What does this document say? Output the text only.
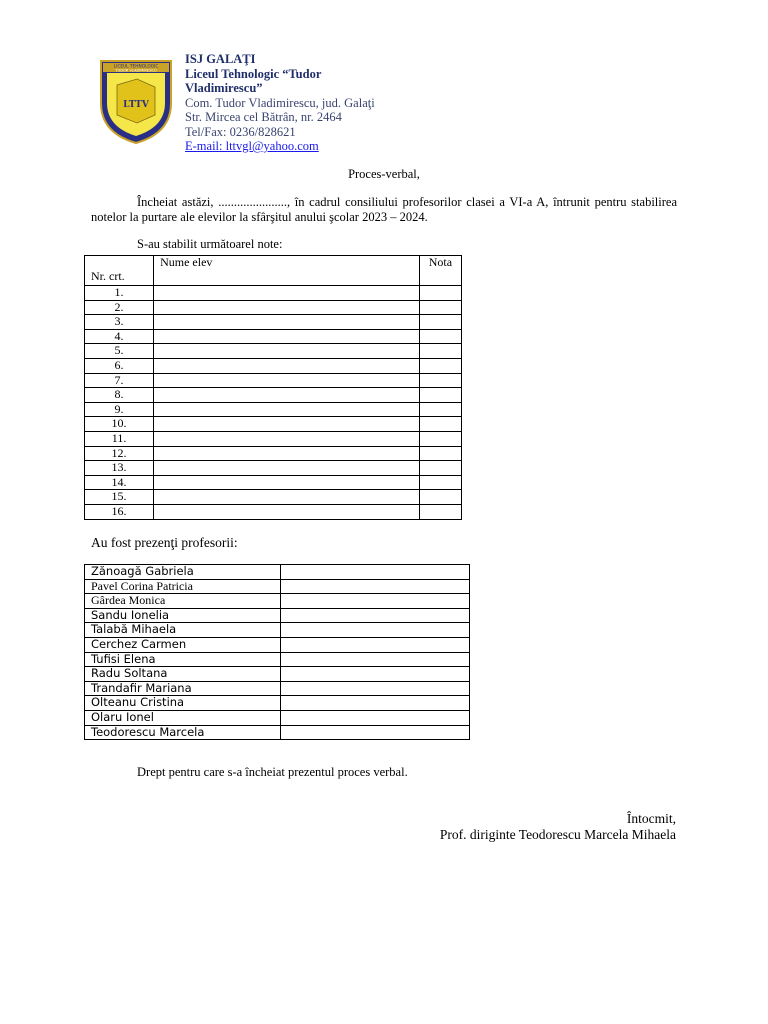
LICEUL TEHNOLOGIC
TUDOR VLADIMIRESCU
LTTV
ISJ GALAŢI
Liceul Tehnologic “Tudor
Vladimirescu”
Com. Tudor Vladimirescu, jud. Galaţi
Str. Mircea cel Bătrân, nr. 2464
Tel/Fax: 0236/828621
E-mail: lttvgl@yahoo.com
Proces-verbal,
Încheiat astăzi, ......................, în cadrul consiliului profesorilor clasei a VI-a A, întrunit pentru stabilirea notelor la purtare ale elevilor la sfârşitul anului şcolar 2023 – 2024.
S-au stabilit următoarel note:
Nr. crt.	Nume elev	Nota
1.		
2.		
3.		
4.		
5.		
6.		
7.		
8.		
9.		
10.		
11.		
12.		
13.		
14.		
15.		
16.		
Au fost prezenţi profesorii:
Zănoagă Gabriela	
Pavel Corina Patricia	
Gârdea Monica	
Sandu Ionelia	
Talabă Mihaela	
Cerchez Carmen	
Tufisi Elena	
Radu Soltana	
Trandafir Mariana	
Olteanu Cristina	
Olaru Ionel	
Teodorescu Marcela	
Drept pentru care s-a încheiat prezentul proces verbal.
Întocmit,
Prof. diriginte Teodorescu Marcela Mihaela
